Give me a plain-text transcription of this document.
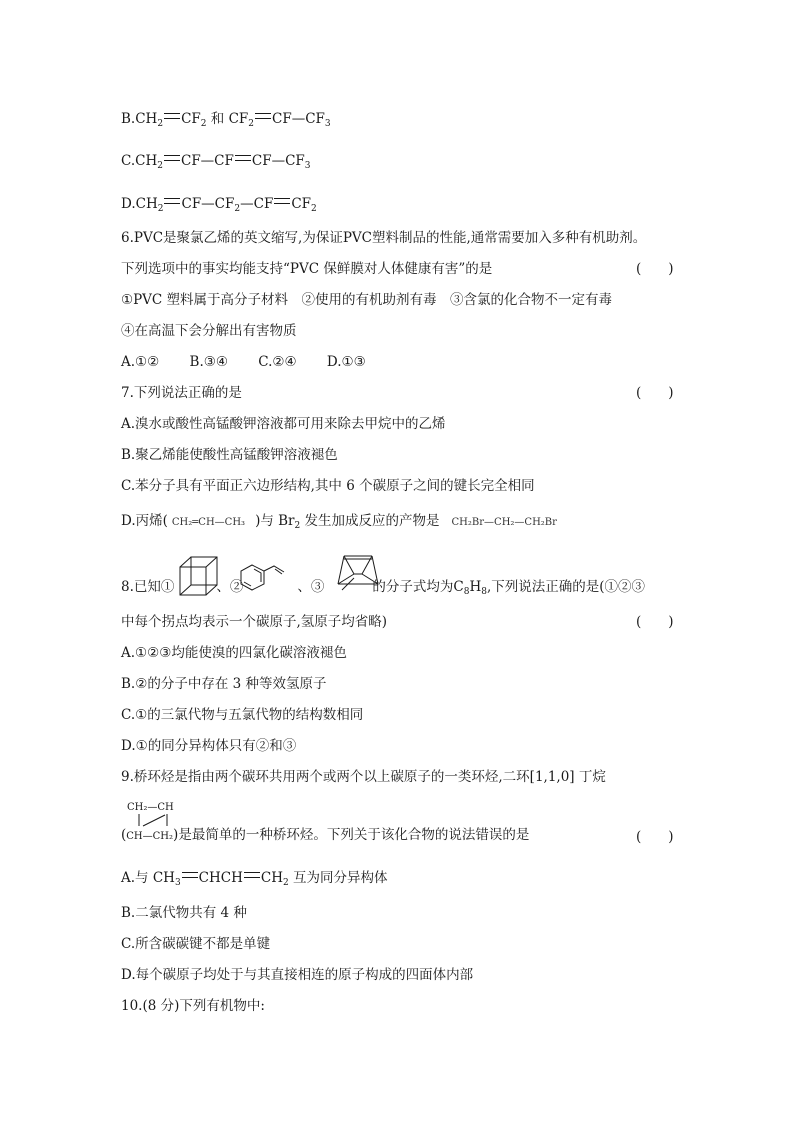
$B.CH_2$ $CF_2$ 和 $CF_2$ $CF—CF_3$
$C.CH_2$ CF—CF $CF—CF_3$
$D.CH_2$ $CF—CF_2—CF$ $CF_2$
6.PVC是聚氯乙烯的英文缩写,为保证PVC塑料制品的性能,通常需要加入多种有机助剂。
下列选项中的事实均能支持“PVC 保鲜膜对人体健康有害”的是	(　　)
①PVC 塑料属于高分子材料　②使用的有机助剂有毒　③含氯的化合物不一定有毒
④在高温下会分解出有害物质
A.①② B.③④ C.②④ D.①③
7.下列说法正确的是	(　　)
A.溴水或酸性高锰酸钾溶液都可用来除去甲烷中的乙烯
B.聚乙烯能使酸性高锰酸钾溶液褪色
C.苯分子具有平面正六边形结构,其中 6 个碳原子之间的键长完全相同
D.丙烯( CH₂═CH—CH₃ )与 $Br_2$ 发生加成反应的产物是 CH₂Br—CH₂—CH₂Br
8.已知①	、②	、③	的分子式均为$C_8H_8$,下列说法正确的是(①②③
中每个拐点均表示一个碳原子,氢原子均省略)	(　　)
A.①②③均能使溴的四氯化碳溶液褪色
B.②的分子中存在 3 种等效氢原子
C.①的三氯代物与五氯代物的结构数相同
D.①的同分异构体只有②和③
9.桥环烃是指由两个碳环共用两个或两个以上碳原子的一类环烃,二环[1,1,0] 丁烷
CH₂—CH
(CH—CH₂)是最简单的一种桥环烃。下列关于该化合物的说法错误的是	(　　)
A.与 $CH_3$ CHCH $CH_2$ 互为同分异构体
B.二氯代物共有 4 种
C.所含碳碳键不都是单键
D.每个碳原子均处于与其直接相连的原子构成的四面体内部
10.(8 分)下列有机物中:
